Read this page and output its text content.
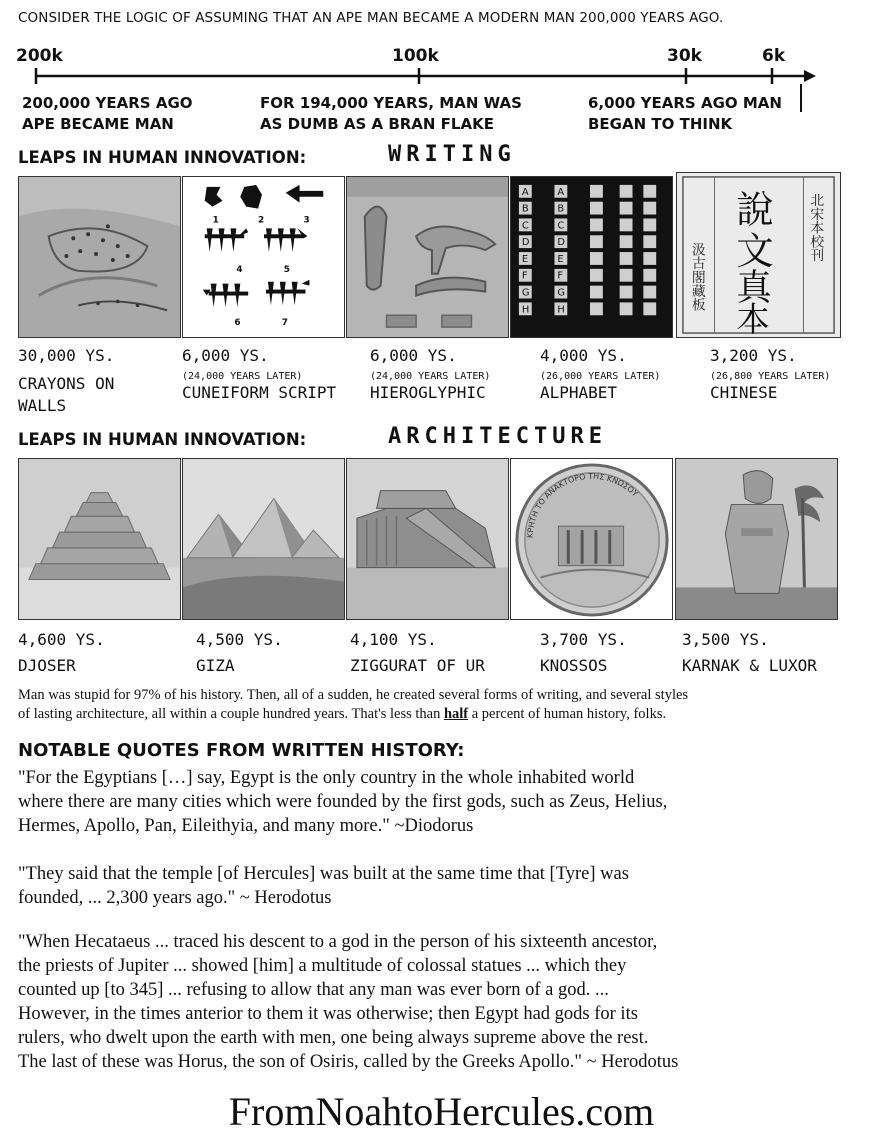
CONSIDER THE LOGIC OF ASSUMING THAT AN APE MAN BECAME A MODERN MAN 200,000 YEARS AGO.
200k	100k	30k	6k
200,000 YEARS AGO
APE BECAME MAN
FOR 194,000 YEARS, MAN WAS
AS DUMB AS A BRAN FLAKE
6,000 YEARS AGO MAN
BEGAN TO THINK
LEAPS IN HUMAN INNOVATION:	WRITING
1	2	3
4	5
6	7
A	A
B	B
C	C
D	D
E	E
F	F
G	G
H	H
說
文
真
本
北宋本校刊
汲古閣藏板
30,000 YS.
CRAYONS ON
WALLS
6,000 YS.
(24,000 YEARS LATER)
CUNEIFORM SCRIPT
6,000 YS.
(24,000 YEARS LATER)
HIEROGLYPHIC
4,000 YS.
(26,000 YEARS LATER)
ALPHABET
3,200 YS.
(26,800 YEARS LATER)
CHINESE
LEAPS IN HUMAN INNOVATION:	ARCHITECTURE
ΚΡΗΤΗ ΤΟ ΑΝΑΚΤΟΡΟ ΤΗΣ ΚΝΩΣΟΥ
4,600 YS.
DJOSER
4,500 YS.
GIZA
4,100 YS.
ZIGGURAT OF UR
3,700 YS.
KNOSSOS
3,500 YS.
KARNAK & LUXOR
Man was stupid for 97% of his history. Then, all of a sudden, he created several forms of writing, and several styles
of lasting architecture, all within a couple hundred years. That's less than half a percent of human history, folks.
NOTABLE QUOTES FROM WRITTEN HISTORY:
"For the Egyptians […] say, Egypt is the only country in the whole inhabited world
where there are many cities which were founded by the first gods, such as Zeus, Helius,
Hermes, Apollo, Pan, Eileithyia, and many more." ~Diodorus
"They said that the temple [of Hercules] was built at the same time that [Tyre] was
founded, ... 2,300 years ago." ~ Herodotus
"When Hecataeus ... traced his descent to a god in the person of his sixteenth ancestor,
the priests of Jupiter ... showed [him] a multitude of colossal statues ... which they
counted up [to 345] ... refusing to allow that any man was ever born of a god. ...
However, in the times anterior to them it was otherwise; then Egypt had gods for its
rulers, who dwelt upon the earth with men, one being always supreme above the rest.
The last of these was Horus, the son of Osiris, called by the Greeks Apollo." ~ Herodotus
FromNoahtoHercules.com
